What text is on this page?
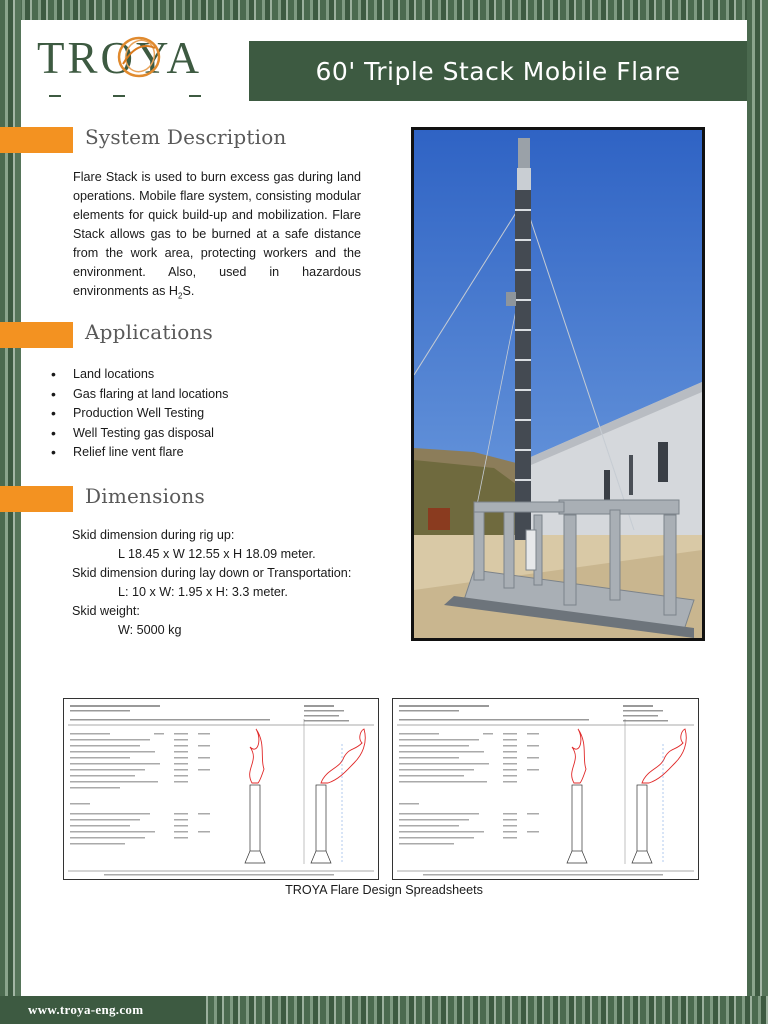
TROYA	60' Triple Stack Mobile Flare
System Description
Flare Stack is used to burn excess gas during land operations. Mobile flare system, consisting modular elements for quick build-up and mobilization. Flare Stack allows gas to be burned at a safe distance from the work area, protecting workers and the environment. Also, used in hazardous environments as $H_2S$.
Applications
• Land locations
• Gas flaring at land locations
• Production Well Testing
• Well Testing gas disposal
• Relief line vent flare
Dimensions
Skid dimension during rig up:
L 18.45 x W 12.55 x H 18.09 meter.
Skid dimension during lay down or Transportation:
L: 10 x W: 1.95 x H: 3.3 meter.
Skid weight:
W: 5000 kg
TROYA Flare Design Spreadsheets
www.troya-eng.com
